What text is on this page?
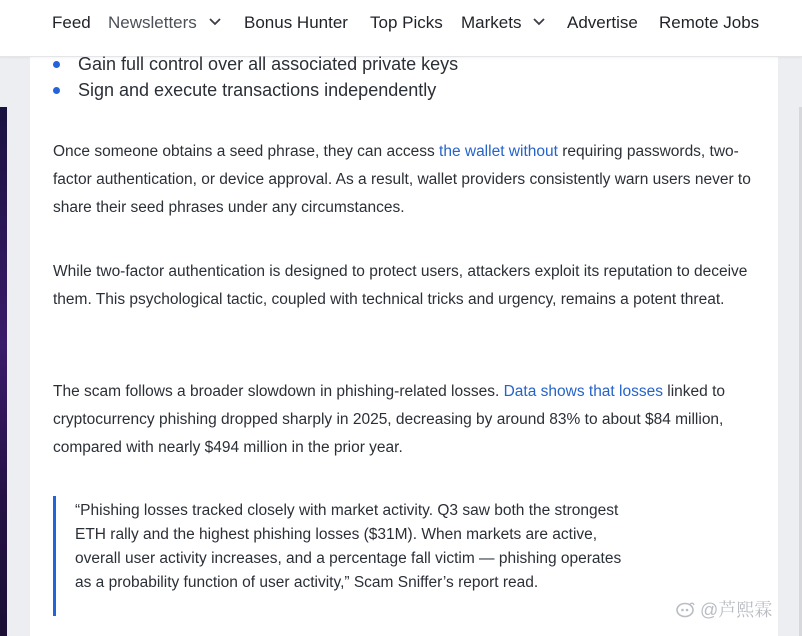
Feed Newsletters	Bonus Hunter Top Picks Markets	Advertise Remote Jobs
Gain full control over all associated private keys
Sign and execute transactions independently

Once someone obtains a seed phrase, they can access the wallet without requiring passwords, two-factor authentication, or device approval. As a result, wallet providers consistently warn users never to share their seed phrases under any circumstances.

While two-factor authentication is designed to protect users, attackers exploit its reputation to deceive them. This psychological tactic, coupled with technical tricks and urgency, remains a potent threat.

The scam follows a broader slowdown in phishing-related losses. Data shows that losses linked to cryptocurrency phishing dropped sharply in 2025, decreasing by around 83% to about $84 million, compared with nearly $494 million in the prior year.

“Phishing losses tracked closely with market activity. Q3 saw both the strongest ETH rally and the highest phishing losses ($31M). When markets are active, overall user activity increases, and a percentage fall victim — phishing operates as a probability function of user activity,” Scam Sniffer’s report read.

@芦熙霖
